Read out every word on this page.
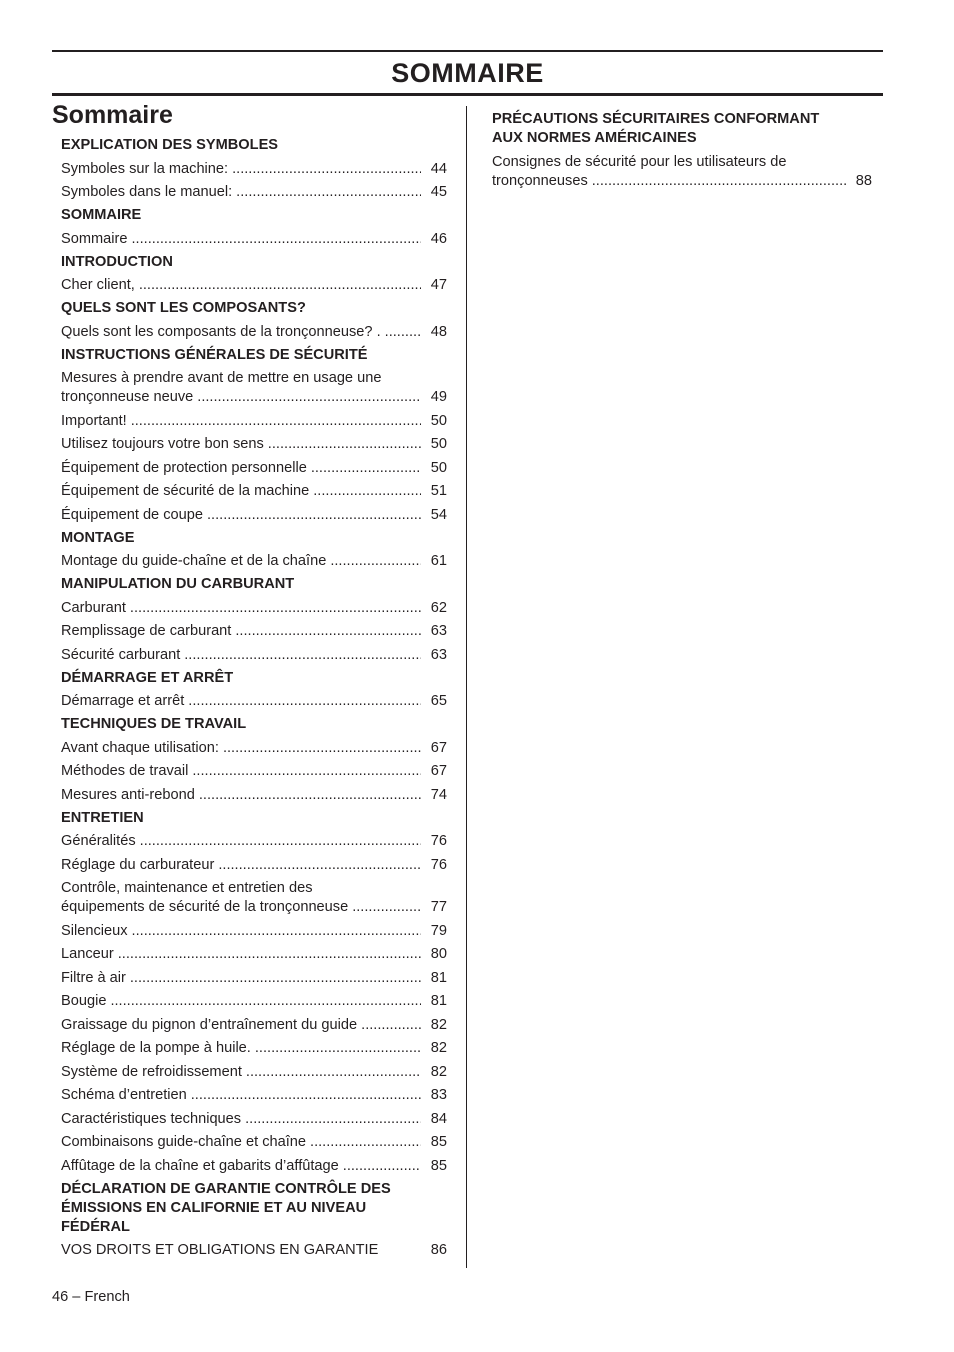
SOMMAIRE
Sommaire
EXPLICATION DES SYMBOLES
Symboles sur la machine: .....	44
Symboles dans le manuel: .....	45
SOMMAIRE
Sommaire .....	46
INTRODUCTION
Cher client, .....	47
QUELS SONT LES COMPOSANTS?
Quels sont les composants de la tronçonneuse? . .....	48
INSTRUCTIONS GÉNÉRALES DE SÉCURITÉ
Mesures à prendre avant de mettre en usage une
tronçonneuse neuve .....	49
Important! .....	50
Utilisez toujours votre bon sens .....	50
Équipement de protection personnelle .....	50
Équipement de sécurité de la machine .....	51
Équipement de coupe .....	54
MONTAGE
Montage du guide-chaîne et de la chaîne .....	61
MANIPULATION DU CARBURANT
Carburant .....	62
Remplissage de carburant .....	63
Sécurité carburant .....	63
DÉMARRAGE ET ARRÊT
Démarrage et arrêt .....	65
TECHNIQUES DE TRAVAIL
Avant chaque utilisation: .....	67
Méthodes de travail .....	67
Mesures anti-rebond .....	74
ENTRETIEN
Généralités .....	76
Réglage du carburateur .....	76
Contrôle, maintenance et entretien des
équipements de sécurité de la tronçonneuse .....	77
Silencieux .....	79
Lanceur .....	80
Filtre à air .....	81
Bougie .....	81
Graissage du pignon d’entraînement du guide .....	82
Réglage de la pompe à huile. .....	82
Système de refroidissement .....	82
Schéma d’entretien .....	83
Caractéristiques techniques .....	84
Combinaisons guide-chaîne et chaîne .....	85
Affûtage de la chaîne et gabarits d’affûtage .....	85
DÉCLARATION DE GARANTIE CONTRÔLE DES ÉMISSIONS EN CALIFORNIE ET AU NIVEAU FÉDÉRAL
VOS DROITS ET OBLIGATIONS EN GARANTIE	86
PRÉCAUTIONS SÉCURITAIRES CONFORMANT AUX NORMES AMÉRICAINES
Consignes de sécurité pour les utilisateurs de
tronçonneuses .....	88
46 – French
